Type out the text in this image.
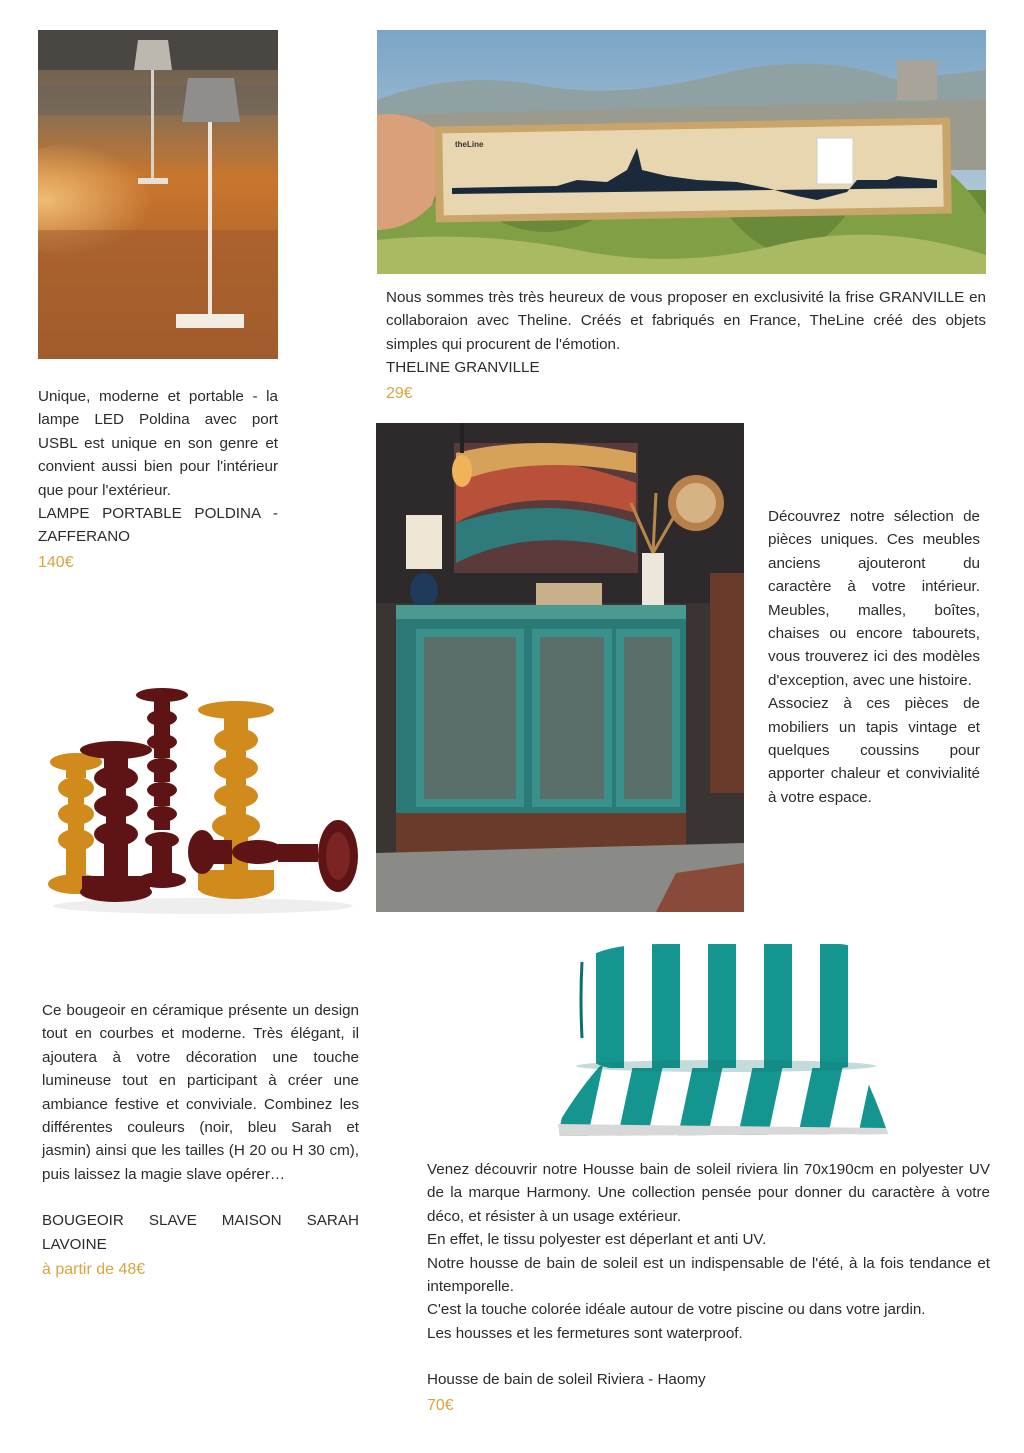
Unique, moderne et portable - la lampe LED Poldina avec port USBL est unique en son genre et convient aussi bien pour l'intérieur que pour l'extérieur.
LAMPE PORTABLE POLDINA - ZAFFERANO
140€
theLine
Nous sommes très très heureux de vous proposer en exclusivité la frise GRANVILLE en collaboraion avec Theline. Créés et fabriqués en France, TheLine créé des objets simples qui procurent de l'émotion.
THELINE GRANVILLE
29€
Découvrez notre sélection de pièces uniques. Ces meubles anciens ajouteront du caractère à votre intérieur. Meubles, malles, boîtes, chaises ou encore tabourets, vous trouverez ici des modèles d'exception, avec une histoire.
Associez à ces pièces de mobiliers un tapis vintage et quelques coussins pour apporter chaleur et convivialité à votre espace.
Ce bougeoir en céramique présente un design tout en courbes et moderne. Très élégant, il ajoutera à votre décoration une touche lumineuse tout en participant à créer une ambiance festive et conviviale. Combinez les différentes couleurs (noir, bleu Sarah et jasmin) ainsi que les tailles (H 20 ou H 30 cm), puis laissez la magie slave opérer…
BOUGEOIR SLAVE MAISON SARAH LAVOINE
à partir de 48€
Venez découvrir notre Housse bain de soleil riviera lin 70x190cm en polyester UV de la marque Harmony. Une collection pensée pour donner du caractère à votre déco, et résister à un usage extérieur.
En effet, le tissu polyester est déperlant et anti UV.
Notre housse de bain de soleil est un indispensable de l'été, à la fois tendance et intemporelle.
C'est la touche colorée idéale autour de votre piscine ou dans votre jardin.
Les housses et les fermetures sont waterproof.
Housse de bain de soleil Riviera - Haomy
70€
